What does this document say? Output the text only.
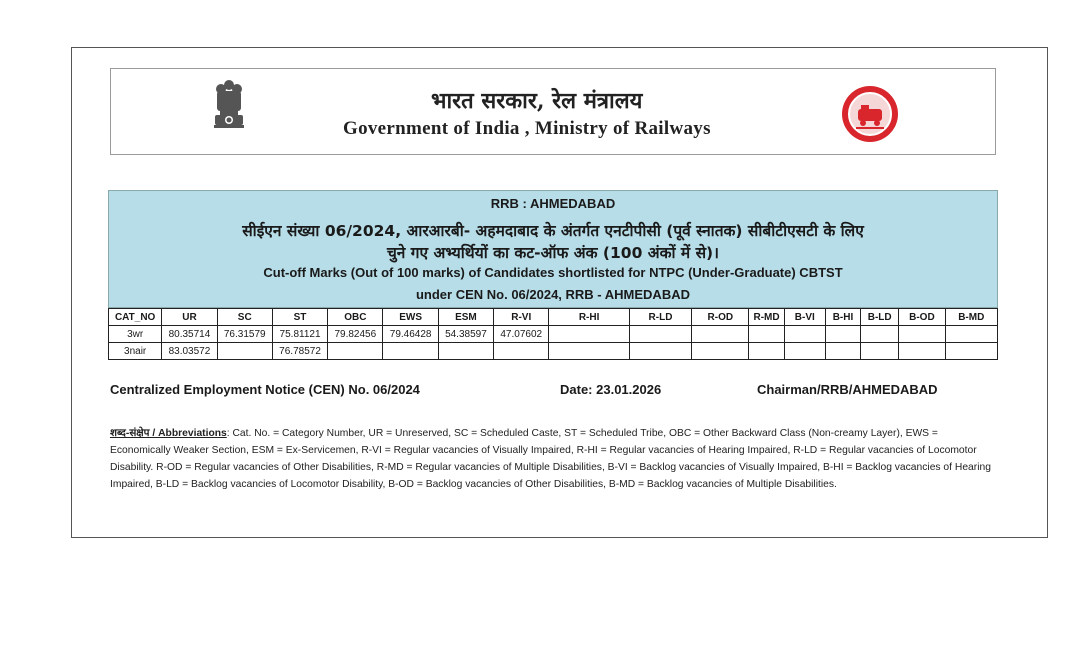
भारत सरकार, रेल मंत्रालय
Government of India , Ministry of Railways
RRB : AHMEDABAD
सीईएन संख्या 06/2024, आरआरबी- अहमदाबाद के अंतर्गत एनटीपीसी (पूर्व स्नातक) सीबीटीएसटी के लिए
चुने गए अभ्यर्थियों का कट-ऑफ अंक (100 अंकों में से)।
Cut-off Marks (Out of 100 marks) of Candidates shortlisted for NTPC (Under-Graduate) CBTST
under CEN No. 06/2024, RRB - AHMEDABAD
CAT_NO	UR	SC	ST	OBC	EWS	ESM	R-VI	R-HI	R-LD	R-OD	R-MD	B-VI	B-HI	B-LD	B-OD	B-MD
3wr	80.35714	76.31579	75.81121	79.82456	79.46428	54.38597	47.07602									
3nair	83.03572		76.78572													
Centralized Employment Notice (CEN) No. 06/2024	Date: 23.01.2026	Chairman/RRB/AHMEDABAD
शब्द-संक्षेप / Abbreviations: Cat. No. = Category Number, UR = Unreserved, SC = Scheduled Caste, ST = Scheduled Tribe, OBC = Other Backward Class (Non-creamy Layer), EWS = Economically Weaker Section, ESM = Ex-Servicemen, R-VI = Regular vacancies of Visually Impaired, R-HI = Regular vacancies of Hearing Impaired, R-LD = Regular vacancies of Locomotor Disability. R-OD = Regular vacancies of Other Disabilities, R-MD = Regular vacancies of Multiple Disabilities, B-VI = Backlog vacancies of Visually Impaired, B-HI = Backlog vacancies of Hearing Impaired, B-LD = Backlog vacancies of Locomotor Disability, B-OD = Backlog vacancies of Other Disabilities, B-MD = Backlog vacancies of Multiple Disabilities.
